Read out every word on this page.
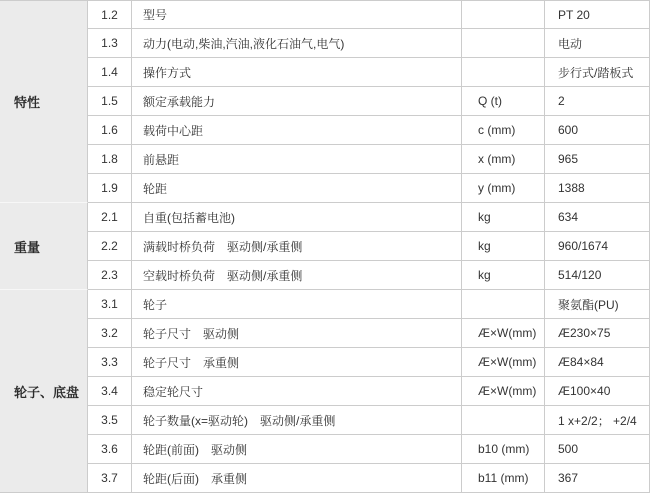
特性	1.2	型号		PT 20
	1.3	动力(电动,柴油,汽油,液化石油气,电气)		电动
	1.4	操作方式		步行式/踏板式
	1.5	额定承载能力	Q (t)	2
	1.6	载荷中心距	c (mm)	600
	1.8	前悬距	x (mm)	965
	1.9	轮距	y (mm)	1388
重量	2.1	自重(包括蓄电池)	kg	634
	2.2	满载时桥负荷　驱动侧/承重侧	kg	960/1674
	2.3	空载时桥负荷　驱动侧/承重侧	kg	514/120
轮子、底盘	3.1	轮子		聚氨酯(PU)
	3.2	轮子尺寸　驱动侧	Æ×W(mm)	Æ230×75
	3.3	轮子尺寸　承重侧	Æ×W(mm)	Æ84×84
	3.4	稳定轮尺寸	Æ×W(mm)	Æ100×40
	3.5	轮子数量(x=驱动轮)　驱动侧/承重侧		1 x+2/2； +2/4
	3.6	轮距(前面)　驱动侧	b10 (mm)	500
	3.7	轮距(后面)　承重侧	b11 (mm)	367
